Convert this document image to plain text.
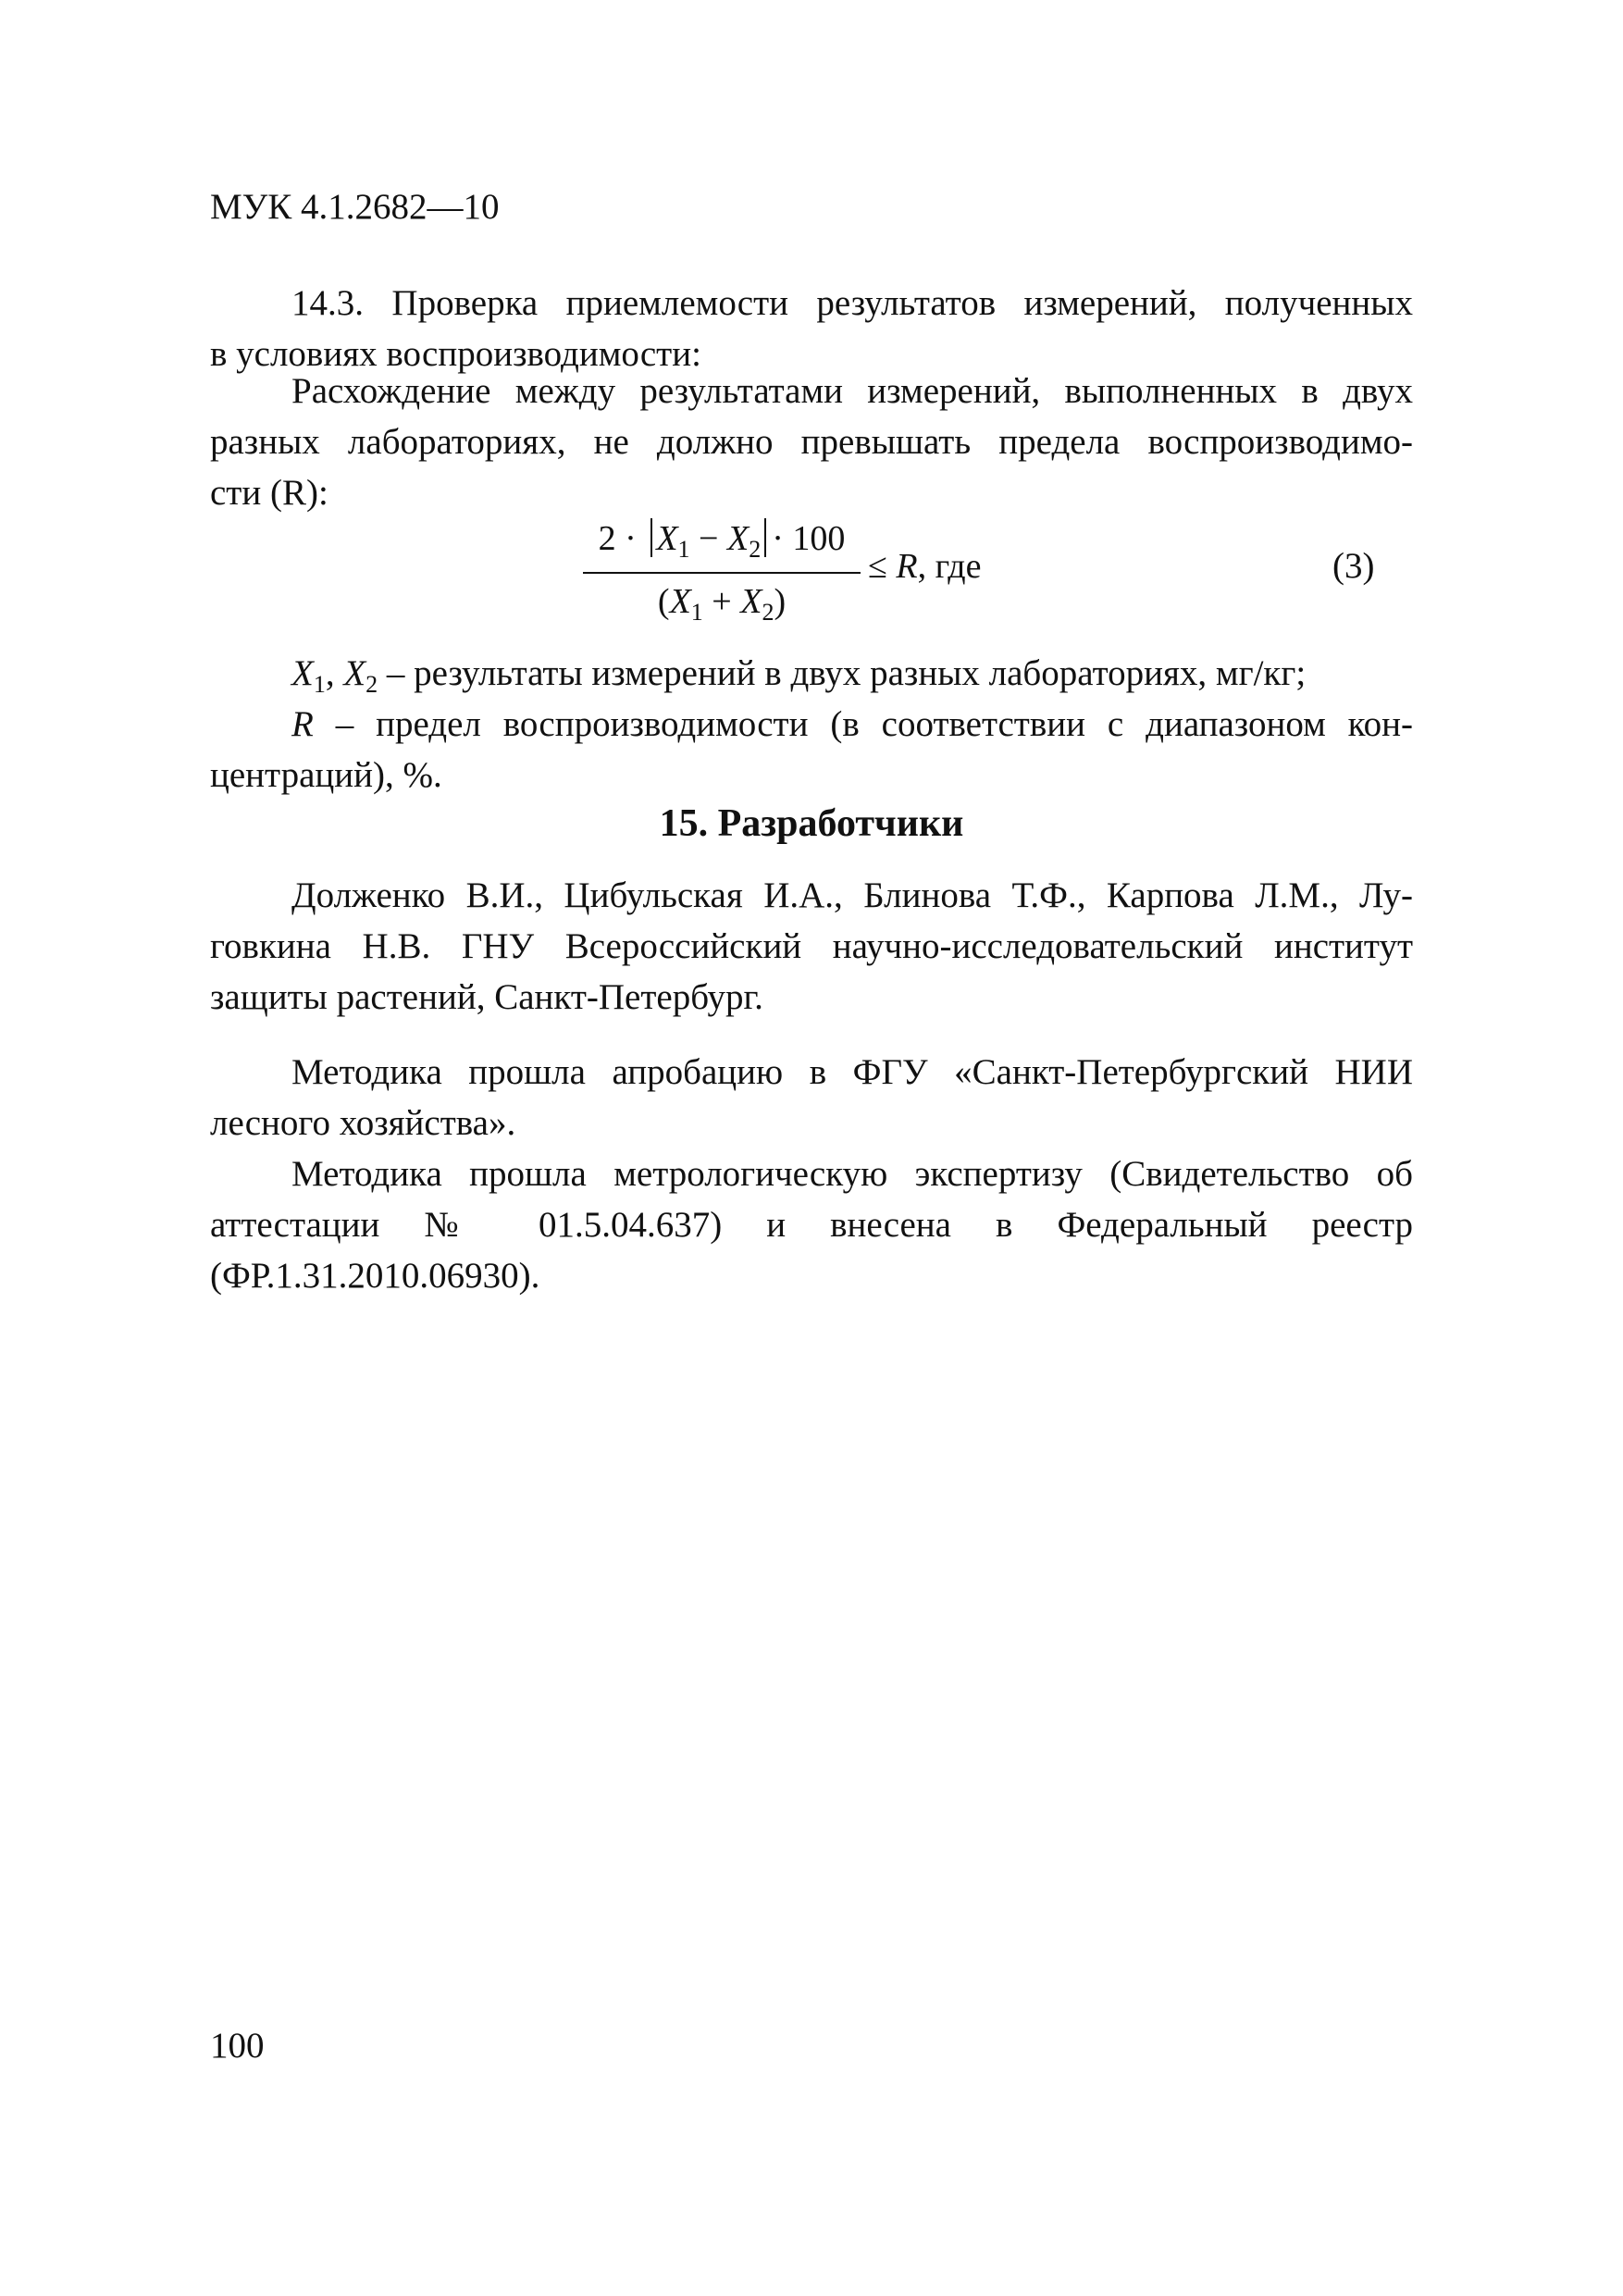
МУК 4.1.2682—10

14.3. Проверка приемлемости результатов измерений, полученных

в условиях воспроизводимости:

Расхождение между результатами измерений, выполненных в двух

разных лабораториях, не должно превышать предела воспроизводимо-

сти (R):

$2 \cdot X_1 - X_2 \cdot 100$
$(X_1 + X_2)$
≤ R, где	(3)

$X_1$, $X_2$ – результаты измерений в двух разных лабораториях, мг/кг;

R – предел воспроизводимости (в соответствии с диапазоном кон-

центраций), %.

15. Разработчики

Долженко В.И., Цибульская И.А., Блинова Т.Ф., Карпова Л.М., Лу-

говкина Н.В. ГНУ Всероссийский научно-исследовательский институт

защиты растений, Санкт-Петербург.

Методика прошла апробацию в ФГУ «Санкт-Петербургский НИИ

лесного хозяйства».

Методика прошла метрологическую экспертизу (Свидетельство об

аттестации № 01.5.04.637) и внесена в Федеральный реестр

(ФР.1.31.2010.06930).

100
